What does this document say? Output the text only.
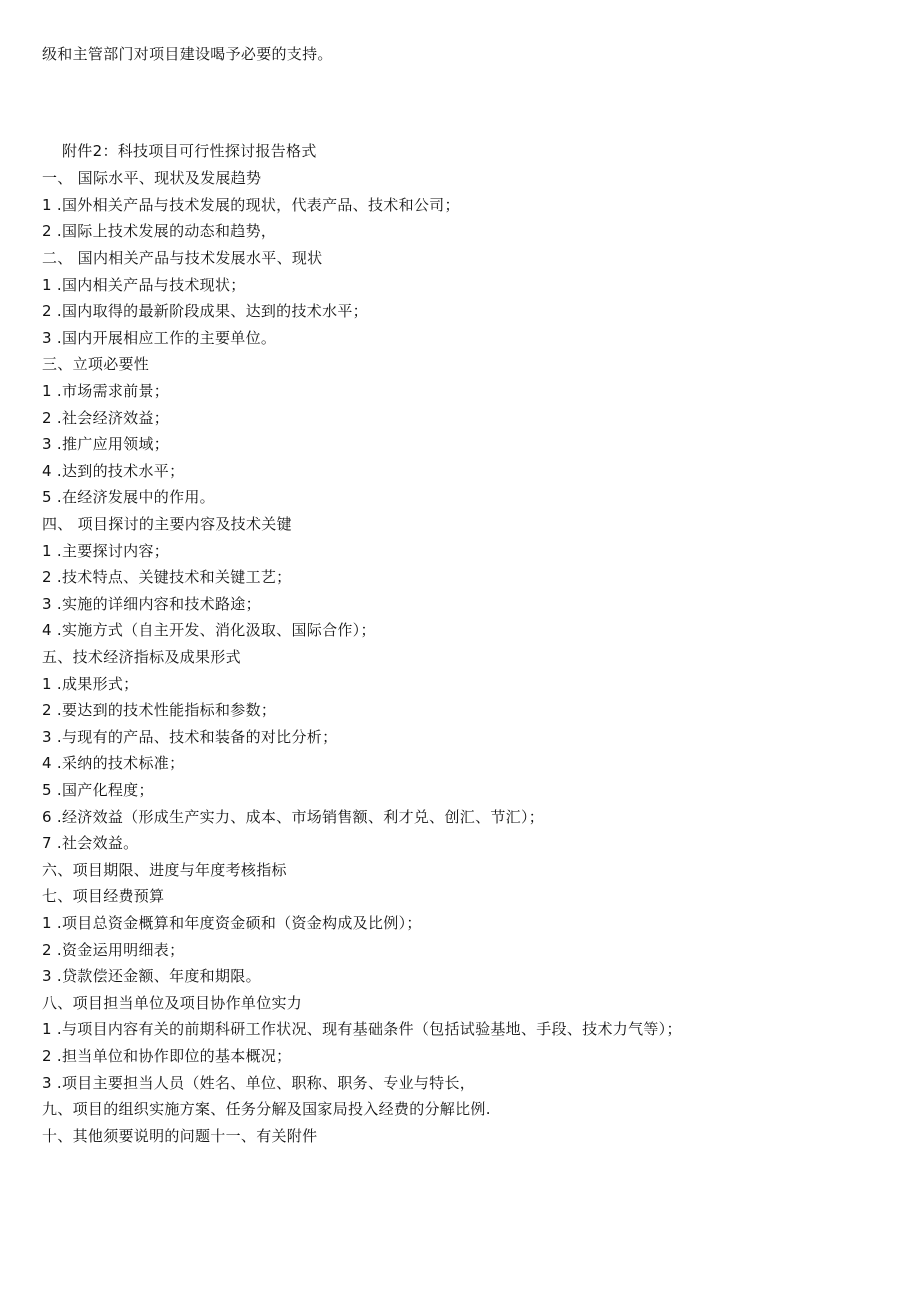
级和主管部门对项目建设喝予必要的支持。
附件2：科技项目可行性探讨报告格式
一、 国际水平、现状及发展趋势
1 .国外相关产品与技术发展的现状，代表产品、技术和公司；
2 .国际上技术发展的动态和趋势，
二、 国内相关产品与技术发展水平、现状
1 .国内相关产品与技术现状；
2 .国内取得的最新阶段成果、达到的技术水平；
3 .国内开展相应工作的主要单位。
三、立项必要性
1 .市场需求前景；
2 .社会经济效益；
3 .推广应用领域；
4 .达到的技术水平；
5 .在经济发展中的作用。
四、 项目探讨的主要内容及技术关键
1 .主要探讨内容；
2 .技术特点、关键技术和关键工艺；
3 .实施的详细内容和技术路途；
4 .实施方式（自主开发、消化汲取、国际合作）；
五、技术经济指标及成果形式
1 .成果形式；
2 .要达到的技术性能指标和参数；
3 .与现有的产品、技术和装备的对比分析；
4 .采纳的技术标准；
5 .国产化程度；
6 .经济效益（形成生产实力、成本、市场销售额、利才兑、创汇、节汇）；
7 .社会效益。
六、项目期限、进度与年度考核指标
七、项目经费预算
1 .项目总资金概算和年度资金硕和（资金构成及比例）；
2 .资金运用明细表；
3 .贷款偿还金额、年度和期限。
八、项目担当单位及项目协作单位实力
1 .与项目内容有关的前期科研工作状况、现有基础条件（包括试验基地、手段、技术力气等）；
2 .担当单位和协作即位的基本概况；
3 .项目主要担当人员（姓名、单位、职称、职务、专业与特长，
九、项目的组织实施方案、任务分解及国家局投入经费的分解比例.
十、其他须要说明的问题十一、有关附件
